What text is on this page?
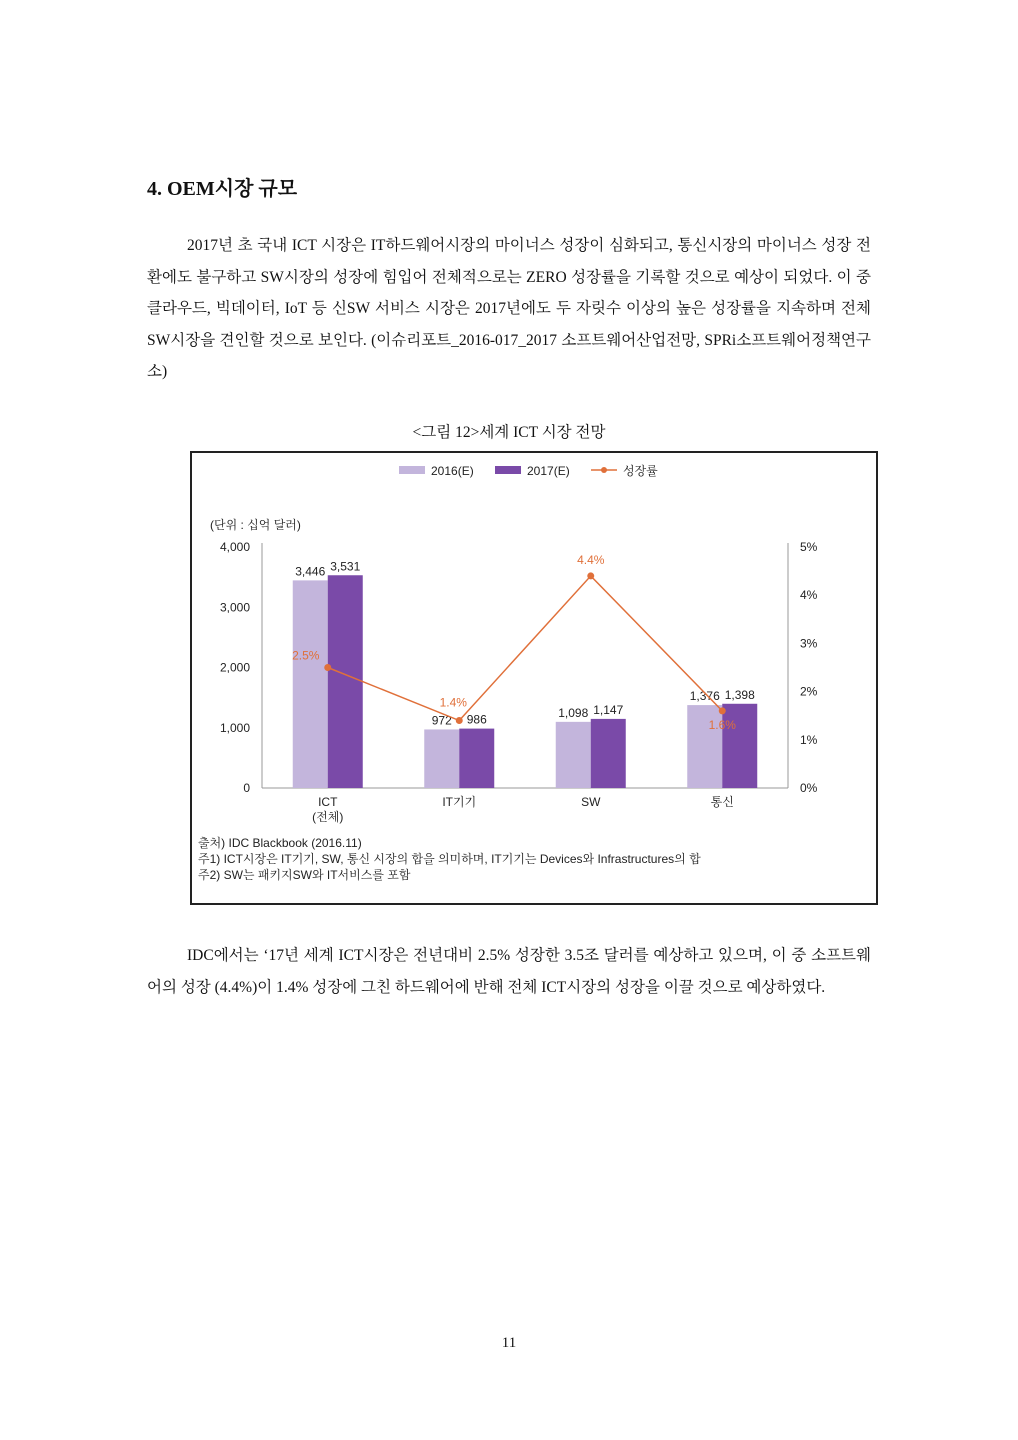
4. OEM시장 규모

2017년 초 국내 ICT 시장은 IT하드웨어시장의 마이너스 성장이 심화되고, 통신시장의 마이너스 성장 전환에도 불구하고 SW시장의 성장에 힘입어 전체적으로는 ZERO 성장률을 기록할 것으로 예상이 되었다. 이 중 클라우드, 빅데이터, IoT 등 신SW 서비스 시장은 2017년에도 두 자릿수 이상의 높은 성장률을 지속하며 전체SW시장을 견인할 것으로 보인다. (이슈리포트_2016-017_2017 소프트웨어산업전망, SPRi소프트웨어정책연구소)

<그림 12>세계 ICT 시장 전망
2016(E)	2017(E)	성장률
(단위 : 십억 달러)
0
1,000
2,000
3,000
4,000
0%
1%
2%
3%
4%
5%
3,446 3,531
ICT
(전체)
972 986
IT기기
1,098 1,147
SW
1,376 1,398
통신
2.5%
1.4%
4.4%
1.6%
출처) IDC Blackbook (2016.11)
주1) ICT시장은 IT기기, SW, 통신 시장의 합을 의미하며, IT기기는 Devices와 Infrastructures의 합
주2) SW는 패키지SW와 IT서비스를 포함

IDC에서는 ‘17년 세계 ICT시장은 전년대비 2.5% 성장한 3.5조 달러를 예상하고 있으며, 이 중 소프트웨어의 성장 (4.4%)이 1.4% 성장에 그친 하드웨어에 반해 전체 ICT시장의 성장을 이끌 것으로 예상하였다.

11
